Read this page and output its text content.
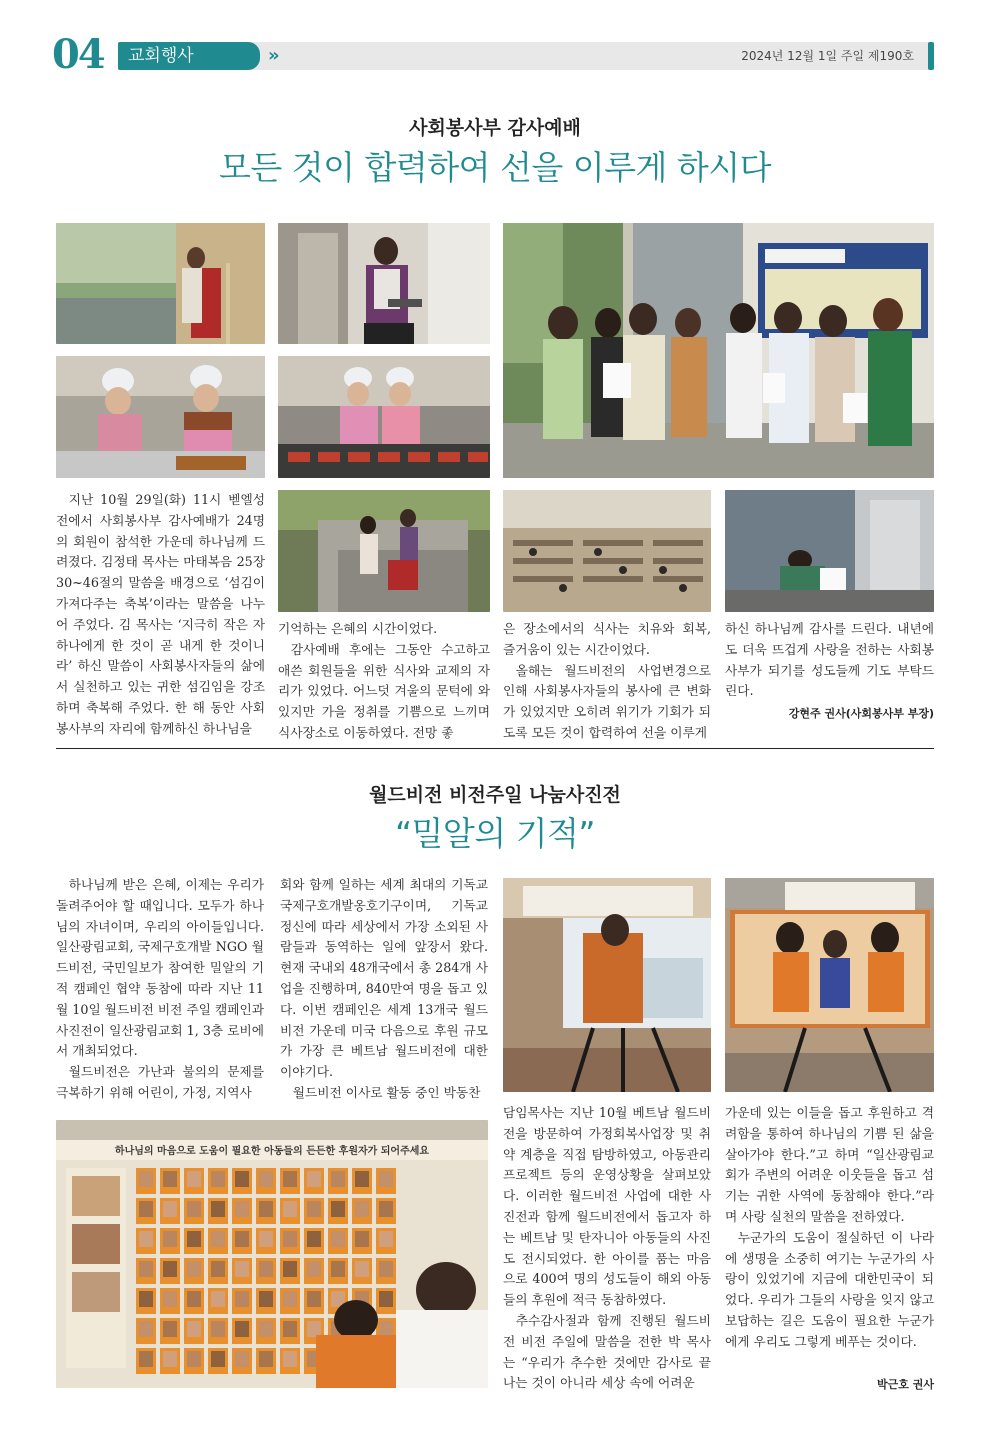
04	교회행사	»	2024년 12월 1일 주일 제190호
사회봉사부 감사예배
모든 것이 합력하여 선을 이루게 하시다

지난 10월 29일(화) 11시 벧엘성전에서 사회봉사부 감사예배가 24명의 회원이 참석한 가운데 하나님께 드려졌다. 김정태 목사는 마태복음 25장 30~46절의 말씀을 배경으로 ‘섬김이 가져다주는 축복’이라는 말씀을 나누어 주었다. 김 목사는 ‘지극히 작은 자 하나에게 한 것이 곧 내게 한 것이니라’ 하신 말씀이 사회봉사자들의 삶에서 실천하고 있는 귀한 섬김임을 강조하며 축복해 주었다. 한 해 동안 사회봉사부의 자리에 함께하신 하나님을

기억하는 은혜의 시간이었다.

감사예배 후에는 그동안 수고하고 애쓴 회원들을 위한 식사와 교제의 자리가 있었다. 어느덧 겨울의 문턱에 와 있지만 가을 정취를 기쁨으로 느끼며 식사장소로 이동하였다. 전망 좋

은 장소에서의 식사는 치유와 회복, 즐거움이 있는 시간이었다.

올해는 월드비전의 사업변경으로 인해 사회봉사자들의 봉사에 큰 변화가 있었지만 오히려 위기가 기회가 되도록 모든 것이 합력하여 선을 이루게

하신 하나님께 감사를 드린다. 내년에도 더욱 뜨겁게 사랑을 전하는 사회봉사부가 되기를 성도들께 기도 부탁드린다.

강현주 권사(사회봉사부 부장)
월드비전 비전주일 나눔사진전
“밀알의 기적”

하나님께 받은 은혜, 이제는 우리가 돌려주어야 할 때입니다. 모두가 하나님의 자녀이며, 우리의 아이들입니다. 일산광림교회, 국제구호개발 NGO 월드비전, 국민일보가 참여한 밀알의 기적 캠페인 협약 동참에 따라 지난 11월 10일 월드비전 비전 주일 캠페인과 사진전이 일산광림교회 1, 3층 로비에서 개최되었다.

월드비전은 가난과 불의의 문제를 극복하기 위해 어린이, 가정, 지역사

회와 함께 일하는 세계 최대의 기독교 국제구호개발옹호기구이며, 기독교 정신에 따라 세상에서 가장 소외된 사람들과 동역하는 일에 앞장서 왔다. 현재 국내외 48개국에서 총 284개 사업을 진행하며, 840만여 명을 돕고 있다. 이번 캠페인은 세계 13개국 월드비전 가운데 미국 다음으로 후원 규모가 가장 큰 베트남 월드비전에 대한 이야기다.

월드비전 이사로 활동 중인 박동찬

하나님의 마음으로 도움이 필요한 아동들의 든든한 후원자가 되어주세요

담임목사는 지난 10월 베트남 월드비전을 방문하여 가정회복사업장 및 취약 계층을 직접 탐방하였고, 아동관리 프로젝트 등의 운영상황을 살펴보았다. 이러한 월드비전 사업에 대한 사진전과 함께 월드비전에서 돕고자 하는 베트남 및 탄자니아 아동들의 사진도 전시되었다. 한 아이를 품는 마음으로 400여 명의 성도들이 해외 아동들의 후원에 적극 동참하였다.

추수감사절과 함께 진행된 월드비전 비전 주일에 말씀을 전한 박 목사는 “우리가 추수한 것에만 감사로 끝나는 것이 아니라 세상 속에 어려운

가운데 있는 이들을 돕고 후원하고 격려함을 통하여 하나님의 기쁨 된 삶을 살아가야 한다.”고 하며 “일산광림교회가 주변의 어려운 이웃들을 돕고 섬기는 귀한 사역에 동참해야 한다.”라며 사랑 실천의 말씀을 전하였다.

누군가의 도움이 절실하던 이 나라에 생명을 소중히 여기는 누군가의 사랑이 있었기에 지금에 대한민국이 되었다. 우리가 그들의 사랑을 잊지 않고 보답하는 길은 도움이 필요한 누군가에게 우리도 그렇게 베푸는 것이다.

박근호 권사
